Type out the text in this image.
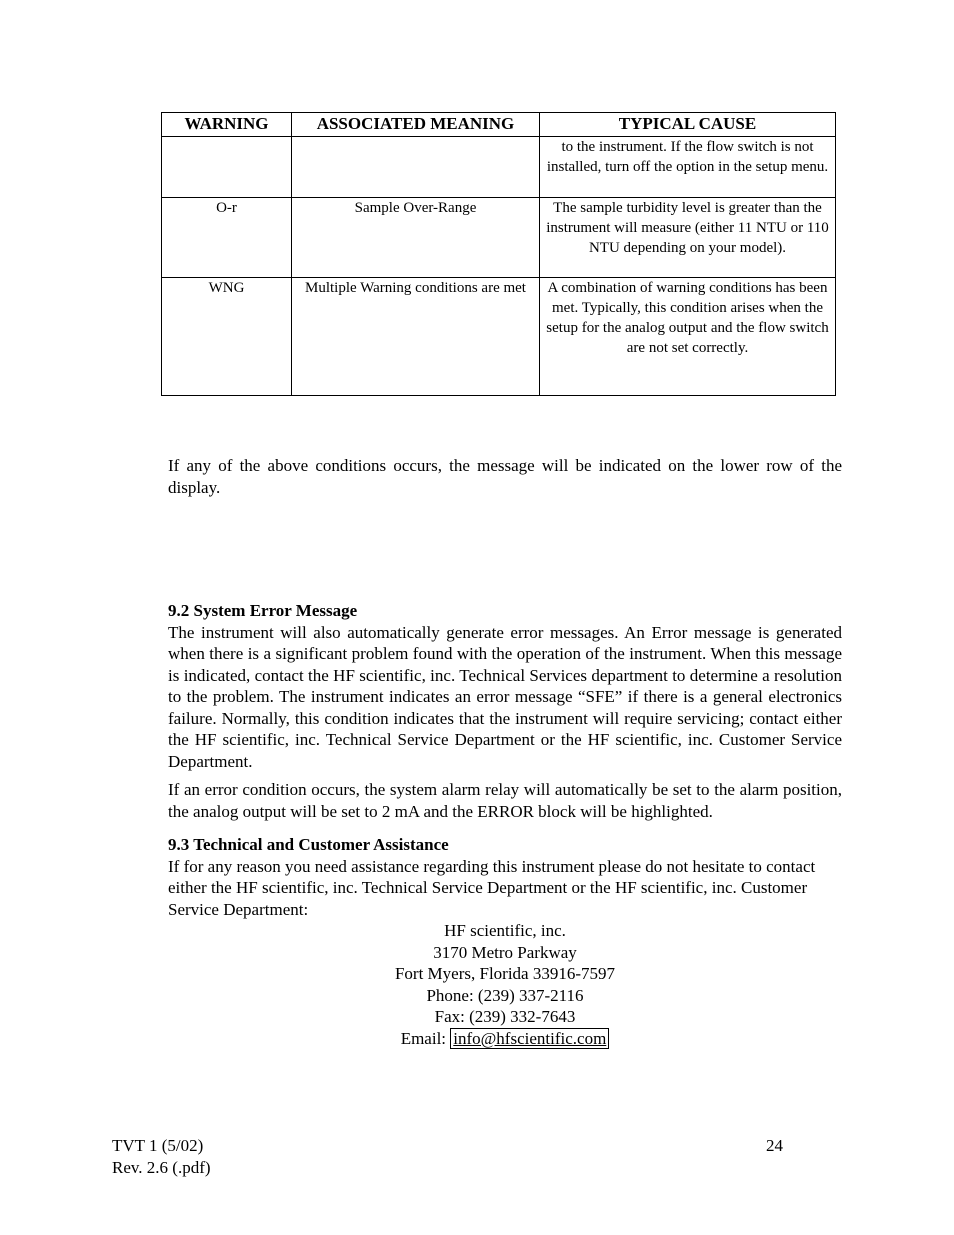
WARNING	ASSOCIATED MEANING	TYPICAL CAUSE
		to the instrument. If the flow switch is not installed, turn off the option in the setup menu.
O-r	Sample Over-Range	The sample turbidity level is greater than the instrument will measure (either 11 NTU or 110 NTU depending on your model).
WNG	Multiple Warning conditions are met	A combination of warning conditions has been met. Typically, this condition arises when the setup for the analog output and the flow switch are not set correctly.
If any of the above conditions occurs, the message will be indicated on the lower row of the display.
9.2 System Error Message
The instrument will also automatically generate error messages. An Error message is generated when there is a significant problem found with the operation of the instrument. When this message is indicated, contact the HF scientific, inc. Technical Services department to determine a resolution to the problem. The instrument indicates an error message “SFE” if there is a general electronics failure. Normally, this condition indicates that the instrument will require servicing; contact either the HF scientific, inc. Technical Service Department or the HF scientific, inc. Customer Service Department.
If an error condition occurs, the system alarm relay will automatically be set to the alarm position, the analog output will be set to 2 mA and the ERROR block will be highlighted.
9.3 Technical and Customer Assistance
If for any reason you need assistance regarding this instrument please do not hesitate to contact either the HF scientific, inc. Technical Service Department or the HF scientific, inc. Customer Service Department:
HF scientific, inc.
3170 Metro Parkway
Fort Myers, Florida 33916-7597
Phone: (239) 337-2116
Fax: (239) 332-7643
Email: info@hfscientific.com
TVT 1 (5/02)
Rev. 2.6 (.pdf)
24
